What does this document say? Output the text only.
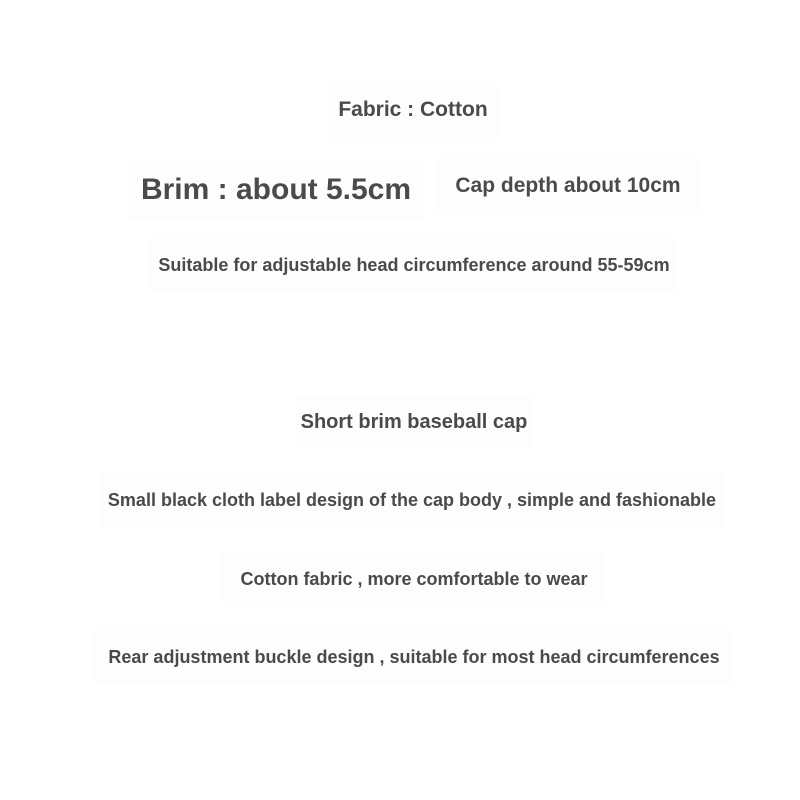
Fabric : Cotton
Brim : about 5.5cm	Cap depth about 10cm
Suitable for adjustable head circumference around 55-59cm
Short brim baseball cap
Small black cloth label design of the cap body , simple and fashionable
Cotton fabric , more comfortable to wear
Rear adjustment buckle design , suitable for most head circumferences
